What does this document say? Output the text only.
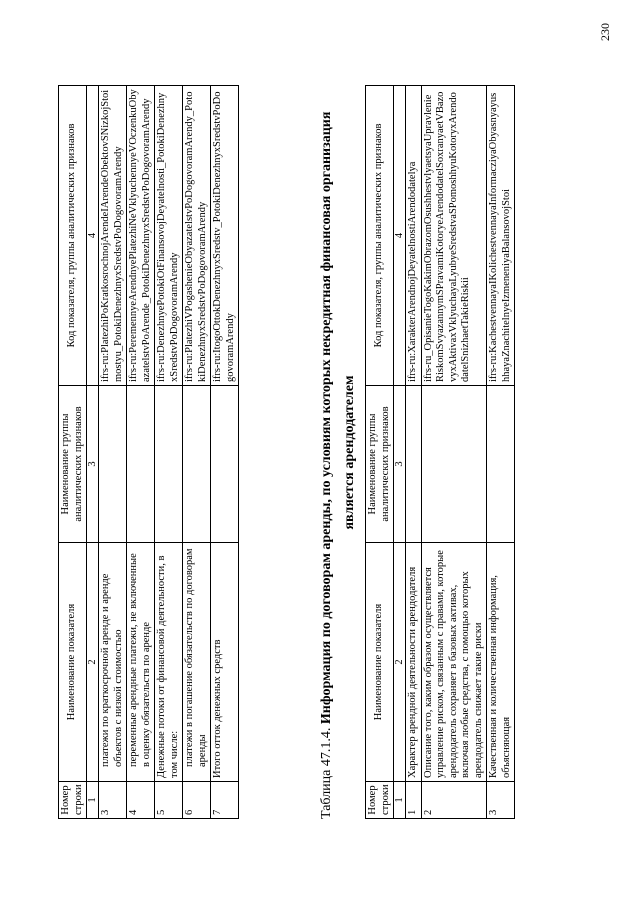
Номер строки	Наименование показателя	Наименование группы аналитических признаков	Код показателя, группы аналитических признаков
1	2	3	4
3	платежи по краткосрочной аренде и аренде объектов с низкой стоимостью		ifrs-ru:PlatezhiPoKratkosrochnojArendeIArendeObektovSNizkojStoimostyu_PotokiDenezhnyxSredstvPoDogovoramArendy
4	переменные арендные платежи, не включенные в оценку обязательств по аренде		ifrs-ru:PeremennyeArendnyePlatezhiNeVklyuchennyeVOczenkuObyazatelstvPoArende_PotokiDenezhnyxSredstvPoDogovoramArendy
5	Денежные потоки от финансовой деятельности, в том числе:		ifrs-ru:DenezhnyePotokiOtFinansovojDeyatelnosti_PotokiDenezhnyxSredstvPoDogovoramArendy
6	платежи в погашение обязательств по договорам аренды		ifrs-ru:PlatezhiVPogashenieObyazatelstvPoDogovoramArendy_PotokiDenezhnyxSredstvPoDogovoramArendy
7	Итого отток денежных средств		ifrs-ru:ItogoOttokDenezhnyxSredstv_PotokiDenezhnyxSredstvPoDogovoramArendy
Таблица 47.1.4. Информация по договорам аренды, по условиям которых некредитная финансовая организация является арендодателем
Номер строки	Наименование показателя	Наименование группы аналитических признаков	Код показателя, группы аналитических признаков
1	2	3	4
1	Характер арендной деятельности арендодателя		ifrs-ru:XarakterArendnojDeyatelnostiArendodatelya
2	Описание того, каким образом осуществляется управление риском, связанным с правами, которые арендодатель сохраняет в базовых активах, включая любые средства, с помощью которых арендодатель снижает такие риски		ifrs-ru_OpisanieTogoKakimObrazomOsushhestvlyaetsyaUpravlenieRiskomSvyazannymSPravamiKotoryeArendodatelSoxranyaetVBazovyxAktivaxVklyuchayaLyubyeSredstvaSPomoshhyuKotoryxArendodatelSnizhaetTakieRiskii
3	Качественная и количественная информация, объясняющая		ifrs-ru:KachestvennayaIKolichestvennayaInformacziyaObyasnyayushhayaZnachitelnyeIzmeneniyaBalansovojStoi
230
